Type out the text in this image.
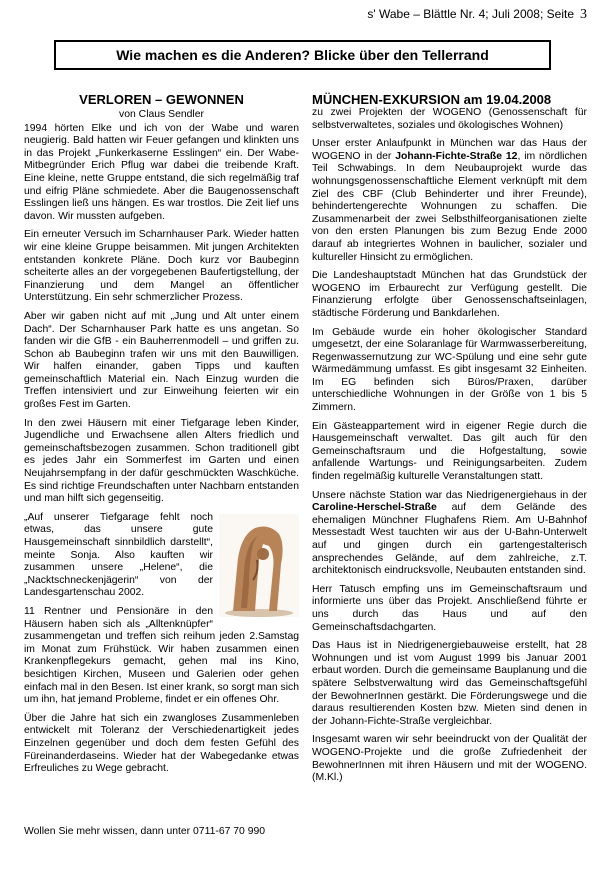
s' Wabe – Blättle Nr. 4; Juli 2008; Seite 3
Wie machen es die Anderen? Blicke über den Tellerrand
VERLOREN – GEWONNEN
von Claus Sendler

1994 hörten Elke und ich von der Wabe und waren neugierig. Bald hatten wir Feuer gefangen und klinkten uns in das Projekt „Funkerkaserne Esslingen“ ein. Der Wabe-Mitbegründer Erich Pflug war dabei die treibende Kraft. Eine kleine, nette Gruppe entstand, die sich regelmäßig traf und eifrig Pläne schmiedete. Aber die Baugenossenschaft Esslingen ließ uns hängen. Es war trostlos. Die Zeit lief uns davon. Wir mussten aufgeben.

Ein erneuter Versuch im Scharnhauser Park. Wieder hatten wir eine kleine Gruppe beisammen. Mit jungen Architekten entstanden konkrete Pläne. Doch kurz vor Baubeginn scheiterte alles an der vorgegebenen Baufertigstellung, der Finanzierung und dem Mangel an öffentlicher Unterstützung. Ein sehr schmerzlicher Prozess.

Aber wir gaben nicht auf mit „Jung und Alt unter einem Dach“. Der Scharnhauser Park hatte es uns angetan. So fanden wir die GfB - ein Bauherrenmodell – und griffen zu. Schon ab Baubeginn trafen wir uns mit den Bauwilligen. Wir halfen einander, gaben Tipps und kauften gemeinschaftlich Material ein. Nach Einzug wurden die Treffen intensiviert und zur Einweihung feierten wir ein großes Fest im Garten.

In den zwei Häusern mit einer Tiefgarage leben Kinder, Jugendliche und Erwachsene allen Alters friedlich und gemeinschaftsbezogen zusammen. Schon traditionell gibt es jedes Jahr ein Sommerfest im Garten und einen Neujahrsempfang in der dafür geschmückten Waschküche. Es sind richtige Freundschaften unter Nachbarn entstanden und man hilft sich gegenseitig.

„Auf unserer Tiefgarage fehlt noch etwas, das unsere gute Hausgemeinschaft sinnbildlich darstellt“, meinte Sonja. Also kauften wir zusammen unsere „Helene“, die „Nacktschneckenjägerin“ von der Landesgartenschau 2002.

11 Rentner und Pensionäre in den Häusern haben sich als „Alltenknüpfer“ zusammengetan und treffen sich reihum jeden 2.Samstag im Monat zum Frühstück. Wir haben zusammen einen Krankenpflegekurs gemacht, gehen mal ins Kino, besichtigen Kirchen, Museen und Galerien oder gehen einfach mal in den Besen. Ist einer krank, so sorgt man sich um ihn, hat jemand Probleme, findet er ein offenes Ohr.

Über die Jahre hat sich ein zwangloses Zusammenleben entwickelt mit Toleranz der Verschiedenartigkeit jedes Einzelnen gegenüber und doch dem festen Gefühl des Füreinanderdaseins. Wieder hat der Wabegedanke etwas Erfreuliches zu Wege gebracht.

Wollen Sie mehr wissen, dann unter 0711-67 70 990
MÜNCHEN-EXKURSION am 19.04.2008

zu zwei Projekten der WOGENO (Genossenschaft für selbstverwaltetes, soziales und ökologisches Wohnen)

Unser erster Anlaufpunkt in München war das Haus der WOGENO in der Johann-Fichte-Straße 12, im nördlichen Teil Schwabings. In dem Neubauprojekt wurde das wohnungsgenossenschaftliche Element verknüpft mit dem Ziel des CBF (Club Behinderter und ihrer Freunde), behindertengerechte Wohnungen zu schaffen. Die Zusammenarbeit der zwei Selbsthilfeorganisationen zielte von den ersten Planungen bis zum Bezug Ende 2000 darauf ab integriertes Wohnen in baulicher, sozialer und kultureller Hinsicht zu ermöglichen.

Die Landeshauptstadt München hat das Grundstück der WOGENO im Erbaurecht zur Verfügung gestellt. Die Finanzierung erfolgte über Genossenschaftseinlagen, städtische Förderung und Bankdarlehen.

Im Gebäude wurde ein hoher ökologischer Standard umgesetzt, der eine Solaranlage für Warmwasserbereitung, Regenwassernutzung zur WC-Spülung und eine sehr gute Wärmedämmung umfasst. Es gibt insgesamt 32 Einheiten. Im EG befinden sich Büros/Praxen, darüber unterschiedliche Wohnungen in der Größe von 1 bis 5 Zimmern.

Ein Gästeappartement wird in eigener Regie durch die Hausgemeinschaft verwaltet. Das gilt auch für den Gemeinschaftsraum und die Hofgestaltung, sowie anfallende Wartungs- und Reinigungsarbeiten. Zudem finden regelmäßig kulturelle Veranstaltungen statt.

Unsere nächste Station war das Niedrigenergiehaus in der Caroline-Herschel-Straße auf dem Gelände des ehemaligen Münchner Flughafens Riem. Am U-Bahnhof Messestadt West tauchten wir aus der U-Bahn-Unterwelt auf und gingen durch ein gartengestalterisch ansprechendes Gelände, auf dem zahlreiche, z.T. architektonisch eindrucksvolle, Neubauten entstanden sind.

Herr Tatusch empfing uns im Gemeinschaftsraum und informierte uns über das Projekt. Anschließend führte er uns durch das Haus und auf den Gemeinschaftsdachgarten.

Das Haus ist in Niedrigenergiebauweise erstellt, hat 28 Wohnungen und ist vom August 1999 bis Januar 2001 erbaut worden. Durch die gemeinsame Bauplanung und die spätere Selbstverwaltung wird das Gemeinschaftsgefühl der BewohnerInnen gestärkt. Die Förderungswege und die daraus resultierenden Kosten bzw. Mieten sind denen in der Johann-Fichte-Straße vergleichbar.

Insgesamt waren wir sehr beeindruckt von der Qualität der WOGENO-Projekte und die große Zufriedenheit der BewohnerInnen mit ihren Häusern und mit der WOGENO. (M.Kl.)
